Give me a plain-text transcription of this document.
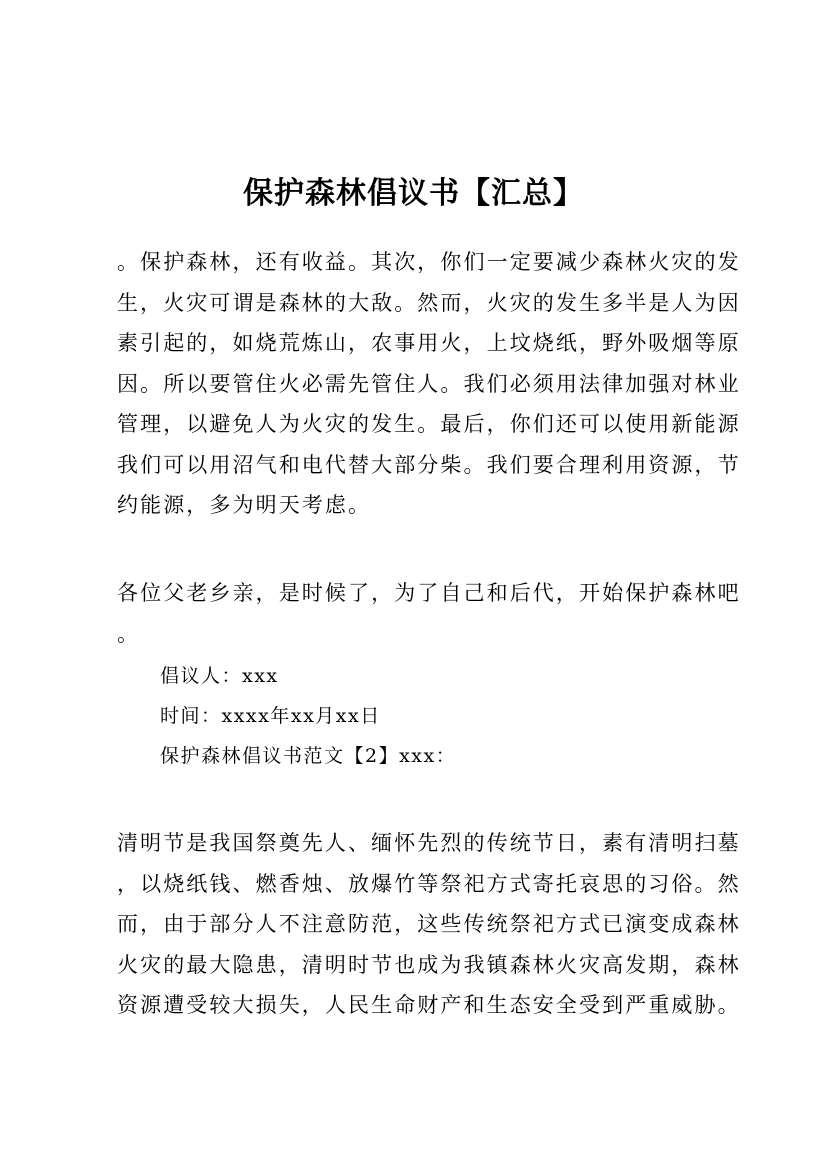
保护森林倡议书【汇总】

。保护森林，还有收益。其次，你们一定要减少森林火灾的发
生，火灾可谓是森林的大敌。然而，火灾的发生多半是人为因
素引起的，如烧荒炼山，农事用火，上坟烧纸，野外吸烟等原
因。所以要管住火必需先管住人。我们必须用法律加强对林业
管理，以避免人为火灾的发生。最后，你们还可以使用新能源
我们可以用沼气和电代替大部分柴。我们要合理利用资源，节
约能源，多为明天考虑。

各位父老乡亲，是时候了，为了自己和后代，开始保护森林吧
。

倡议人：xxx
时间：xxxx年xx月xx日
保护森林倡议书范文【2】xxx：

清明节是我国祭奠先人、缅怀先烈的传统节日，素有清明扫墓
，以烧纸钱、燃香烛、放爆竹等祭祀方式寄托哀思的习俗。然
而，由于部分人不注意防范，这些传统祭祀方式已演变成森林
火灾的最大隐患，清明时节也成为我镇森林火灾高发期，森林
资源遭受较大损失，人民生命财产和生态安全受到严重威胁。
